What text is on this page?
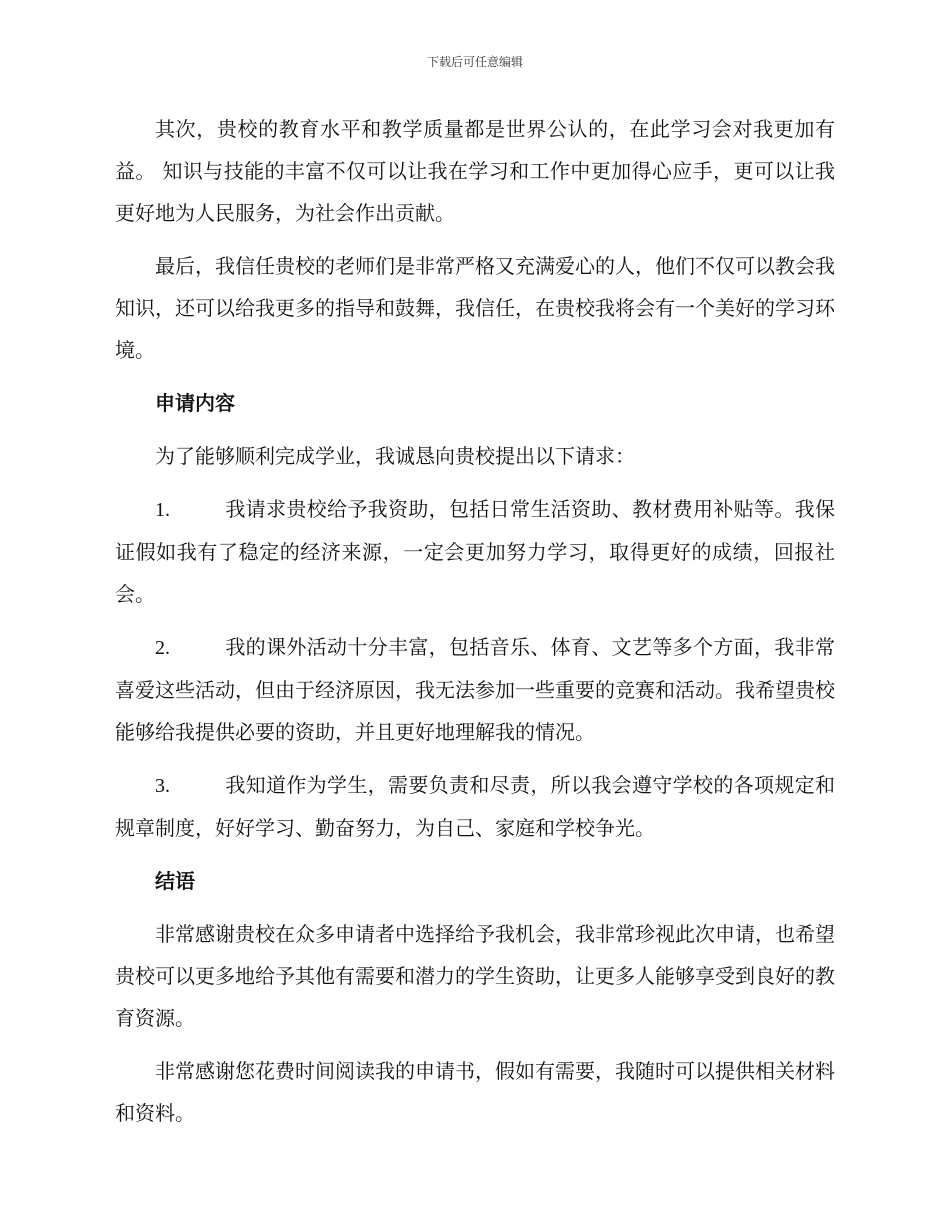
下载后可任意编辑

其次，贵校的教育水平和教学质量都是世界公认的，在此学习会对我更加有益。 知识与技能的丰富不仅可以让我在学习和工作中更加得心应手，更可以让我更好地为人民服务，为社会作出贡献。

最后，我信任贵校的老师们是非常严格又充满爱心的人，他们不仅可以教会我知识，还可以给我更多的指导和鼓舞，我信任，在贵校我将会有一个美好的学习环境。

申请内容

为了能够顺利完成学业，我诚恳向贵校提出以下请求：

1.	我请求贵校给予我资助，包括日常生活资助、教材费用补贴等。我保证假如我有了稳定的经济来源，一定会更加努力学习，取得更好的成绩，回报社会。

2.	我的课外活动十分丰富，包括音乐、体育、文艺等多个方面，我非常喜爱这些活动，但由于经济原因，我无法参加一些重要的竞赛和活动。我希望贵校能够给我提供必要的资助，并且更好地理解我的情况。

3.	我知道作为学生，需要负责和尽责，所以我会遵守学校的各项规定和规章制度，好好学习、勤奋努力，为自己、家庭和学校争光。

结语

非常感谢贵校在众多申请者中选择给予我机会，我非常珍视此次申请，也希望贵校可以更多地给予其他有需要和潜力的学生资助，让更多人能够享受到良好的教育资源。

非常感谢您花费时间阅读我的申请书，假如有需要，我随时可以提供相关材料和资料。
